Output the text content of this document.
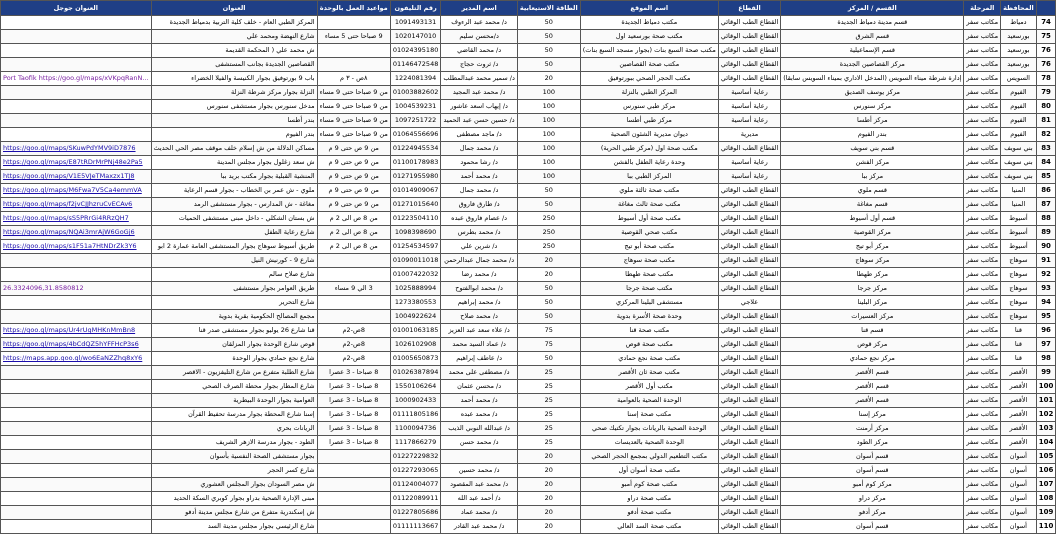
	المحافظة	المرحلة	القسم / المركز	القطاع	اسم الموقع	الطاقة الاستيعابية	اسم المدير	رقم التليفون	مواعيد العمل بالوحدة	العنوان	العنوان جوجل
74	دمياط	مكاتب سفر	قسم مدينة دمياط الجديدة	القطاع الطب الوقائي	مكتب دمياط الجديدة	50	د/ محمد عبد الرءوف	1091493131		المركز الطبي العام - خلف كلية التربية بدمياط الجديدة	
75	بورسعيد	مكاتب سفر	قسم الشرق	القطاع الطب الوقائي	مكتب صحة بورسعيد اول	50	د/محسن سليم	1020147010	9 صباحا حتى 5 مساء	شارع النهضة ومحمد علي	
76	بورسعيد	مكاتب سفر	قسم الإسماعيلية	القطاع الطب الوقائي	مكتب صحة السبع بنات (بجوار مسجد السبع بنات)	50	د/ محمد القاضي	01024395180		ش محمد علي ( المحكمة القديمة	
76	بورسعيد	مكاتب سفر	مركز القصاصين الجديدة	القطاع الطب الوقائي	مكتب صحة القصاصين	50	د/ ثروت حجاج	01146472548		القصاصين الجديدة بجانب المستشفى	
78	السويس	مكاتب سفر	إدارة شرطة ميناء السويس (المدخل الاداري بميناء السويس سابقا)	القطاع الطب الوقائي	مكتب الحجر الصحي ببورتوفيق	20	د/ سمير محمد عبدالمطلب	1224081394	٨ص - ٣ م	باب 9 بورتوفيق بجوار الكنيسة والفيلا الخضراء	Port Taofik https://goo.gl/maps/xVKpqRanN...
79	الفيوم	مكاتب سفر	مركز يوسف الصديق	رعاية أساسية	المركز الطبي بالنزلة	100	د/ محمد عبد المجيد	01003882602	من 9 صباحا حتى 9 مساء	النزلة بجوار مركز شرطة النزلة	
80	الفيوم	مكاتب سفر	مركز سنورس	رعاية أساسية	مركز طبي سنورس	100	د/ إيهاب اسعد عاشور	1004539231	من 9 صباحا حتى 9 مساء	مدخل سنورس بجوار مستشفى سنورس	
81	الفيوم	مكاتب سفر	مركز أطسا	رعاية أساسية	مركز طبي أطسا	100	د/ حسين حسن عبد الحميد	1097251722	من 9 صباحا حتى 9 مساء	بندر أطسا	
82	الفيوم	مكاتب سفر	بندر الفيوم	مديرية	ديوان مديرية الشئون الصحية	100	د/ ماجد مصطفى	01064556696	من 9 صباحا حتى 9 مساء	بندر الفيوم	
83	بني سويف	مكاتب سفر	قسم بني سويف	القطاع الطب الوقائي	مكتب صحة اول (مركز طبي الحرية)	100	د/ محمد جمال	01224945534	من 9 ص حتى 9 م	مساكن الدلالة من ش إسلام خلف موقف مصر الحي الحديث	https://goo.gl/maps/SKuwPdYMV9iD7876
84	بني سويف	مكاتب سفر	مركز الفشن	رعاية أساسية	وحدة رعاية الطفل بالفشن	100	د/ رشا محمود	01100178983	من 9 ص حتى 9 م	ش سعد زغلول بجوار مجلس المدينة	https://goo.gl/maps/E87tRDrMrPNj48e2Pa5
85	بني سويف	مكاتب سفر	مركز ببا	رعاية أساسية	المركز الطبي ببا	100	د/ محمد أحمد	01271955980	من 9 ص حتى 9 م	المنشية القبلية بجوار مكتب بريد ببا	https://goo.gl/maps/V1E5VJeTMaxzx1TJ8
86	المنيا	مكاتب سفر	قسم ملوي	القطاع الطب الوقائي	مكتب صحة ثالثة ملوي	50	د/ محمد جمال	01014909067	من 9 ص حتى 9 م	ملوي - ش عمر بن الخطاب - بجوار قسم الرعاية	https://goo.gl/maps/M6Fwa7V5Ca4emmVA
87	المنيا	مكاتب سفر	قسم مغاغة	القطاع الطب الوقائي	مكتب صحة ثالث مغاغة	50	د/ طارق فاروق	01271015640	من 9 ص حتى 9 م	مغاغة - ش المدارس - بجوار مستشفى الرمد	https://goo.gl/maps/f2jvCJJhzruCvECAv6
88	أسيوط	مكاتب سفر	قسم أول أسيوط	القطاع الطب الوقائي	مكتب صحة أول أسيوط	250	د/ عصام فاروق عبده	01223504110	من 8 ص الى 2 م	ش بستان الشكلي - داخل مبنى مستشفى الحميات	https://goo.gl/maps/sS5PRrGi4RRzQH7
89	أسيوط	مكاتب سفر	مركز القوصية	القطاع الطب الوقائي	مكتب صحي القوصية	250	د/ محمد بطرس	1098398690	من 8 ص الى 2 م	شارع رعاية الطفل	https://goo.gl/maps/NQAi3mrAjW6GoGj6
90	أسيوط	مكاتب سفر	مركز أبو تيج	القطاع الطب الوقائي	مكتب صحة أبو تيج	250	د/ شرين علي	01254534597	من 8 ص الى 2 م	طريق أسيوط سوهاج بجوار المستشفى العامة عمارة 2 ابو	https://goo.gl/maps/s1F51a7HtNDrZk3Y6
91	سوهاج	مكاتب سفر	مركز سوهاج	القطاع الطب الوقائي	مكتب صحة سوهاج	20	د/ محمد جمال عبدالرحمن	01090011018		شارع 9 - كورنيش النيل	
92	سوهاج	مكاتب سفر	مركز طهطا	القطاع الطب الوقائي	مكتب صحة طهطا	20	د/ محمد رضا	01007422032		شارع صلاح سالم	
93	سوهاج	مكاتب سفر	مركز جرجا	القطاع الطب الوقائي	مكتب صحة جرجا	50	د/ محمد ابوالفتوح	1025888994	3 الي 9 مساء	طريق العوامر بجوار مستشفى	26.3324096,31.8580812
94	سوهاج	مكاتب سفر	مركز البلينا	علاجي	مستشفى البلينا المركزي	50	د/ محمد إبراهيم	1273380553		شارع التحرير	
95	سوهاج	مكاتب سفر	مركز العسيرات	القطاع الطب الوقائي	وحدة صحة الأسرة بدوية	50	د/ محمد صلاح	1004922624		مجمع المصالح الحكومية بقرية بدوية	
96	قنا	مكاتب سفر	قسم قنا	القطاع الطب الوقائي	مكتب صحة قنا	75	د/ علاء سعد عبد العزيز	01001063185	8ص-2م	قنا شارع 26 يوليو بجوار مستشفى صدر قنا	https://goo.gl/maps/Ur4rUgMHKnMmBn8
97	قنا	مكاتب سفر	مركز قوص	القطاع الطب الوقائي	مكتب صحة قوص	75	د/ عماد السيد محمد	1026102908	8ص-2م	قوص شارع الوحدة بجوار المزلقان	https://goo.gl/maps/4bCdQZ5hYFFHcP3s6
98	قنا	مكاتب سفر	مركز نجع حمادي	القطاع الطب الوقائي	مكتب صحة نجع حمادي	50	د/ عاطف إبراهيم	01005650873	8ص-2م	شارع نجع حمادي بجوار الوحدة	https://maps.app.goo.gl/wo6EaNZZhq8xY6
99	الأقصر	مكاتب سفر	قسم الأقصر	القطاع الطب الوقائي	مكتب صحة ثان الأقصر	25	د/ مصطفى على محمد	01026387894	8 صباحا - 3 عصرا	شارع الطلبة متفرع من شارع التليفزيون - الاقصر	
100	الأقصر	مكاتب سفر	قسم الأقصر	القطاع الطب الوقائي	مكتب أول الأقصر	25	د/ محسن عثمان	1550106264	8 صباحا - 3 عصرا	شارع المطار بجوار محطة الصرف الصحي	
101	الأقصر	مكاتب سفر	قسم الأقصر	القطاع الطب الوقائي	الوحدة الصحية بالعوامية	25	د/ محمد أحمد	1000902433	8 صباحا - 3 عصرا	العوامية بجوار الوحدة البيطرية	
102	الأقصر	مكاتب سفر	مركز إسنا	القطاع الطب الوقائي	مكتب صحة إسنا	25	د/ محمد عبده	01111805186	8 صباحا - 3 عصرا	إسنا شارع المحطة بجوار مدرسة تحفيظ القرآن	
103	الأقصر	مكاتب سفر	مركز أرمنت	القطاع الطب الوقائي	الوحدة الصحية بالريانات بجوار تكتيك صحي	25	د/ عبدالله النوبي الذيب	1100094736	8 صباحا - 3 عصرا	الريانات بحري	
104	الأقصر	مكاتب سفر	مركز الطود	القطاع الطب الوقائي	الوحدة الصحية بالعديسات	25	د/ محمد حسن	1117866279	8 صباحا - 3 عصرا	الطود - بجوار مدرسة الازهر الشريف	
105	أسوان	مكاتب سفر	قسم أسوان	القطاع الطب الوقائي	مكتب التطعيم الدولي بمجمع الحجر الصحي	20		01227229832		بجوار مستشفى الصحة النفسية بأسوان	
106	أسوان	مكاتب سفر	قسم أسوان	القطاع الطب الوقائي	مكتب صحة أسوان أول	20	د/ محمد حسين	01227293065		شارع كسر الحجر	
107	أسوان	مكاتب سفر	مركز كوم أمبو	القطاع الطب الوقائي	مكتب صحة كوم أمبو	20	د/ محمد عبد المقصود	01124004077		ش مصر السودان بجوار المجلس العشوري	
108	أسوان	مكاتب سفر	مركز دراو	القطاع الطب الوقائي	مكتب صحة دراو	20	د/ أحمد عبد الله	01122089911		مبنى الإدارة الصحية بدراو بجوار كوبري السكة الحديد	
109	أسوان	مكاتب سفر	مركز أدفو	القطاع الطب الوقائي	مكتب صحة أدفو	20	د/ محمد عماد	01227805686		ش إسكندرية متفرع من شارع مجلس مدينة أدفو	
110	أسوان	مكاتب سفر	قسم أسوان	القطاع الطب الوقائي	مكتب صحة السد العالي	20	د/ محمد عبد القادر	01111113667		شارع الرئيسي بجوار مجلس مدينة السد	
